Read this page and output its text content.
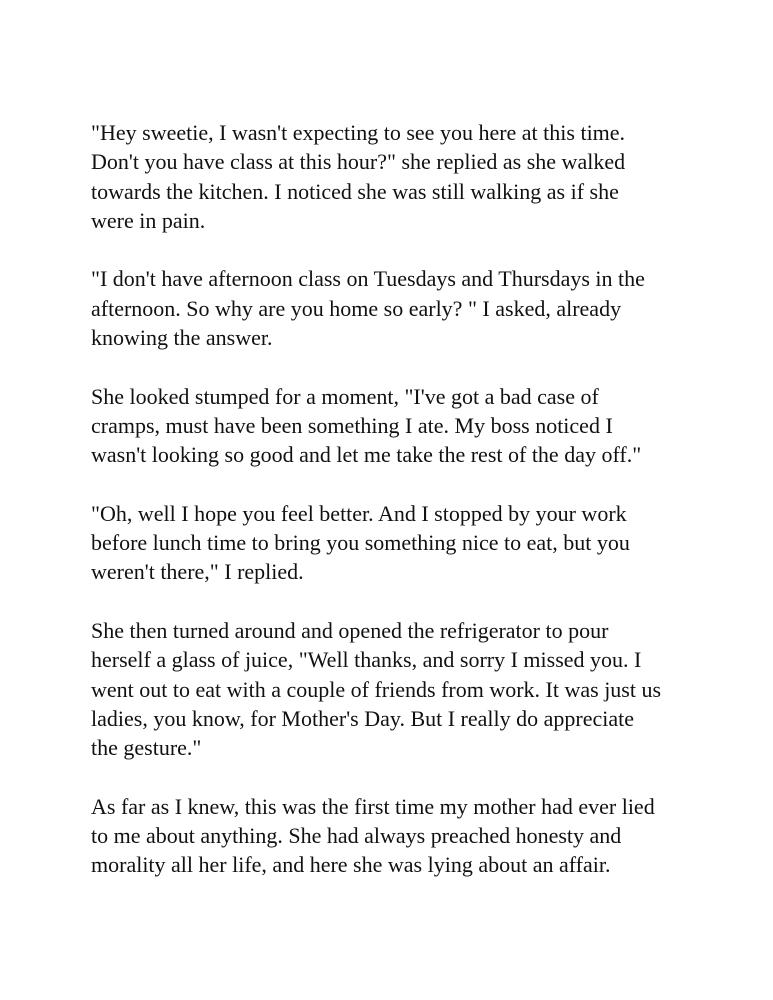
"Hey sweetie, I wasn't expecting to see you here at this time.
Don't you have class at this hour?" she replied as she walked
towards the kitchen. I noticed she was still walking as if she
were in pain.

"I don't have afternoon class on Tuesdays and Thursdays in the
afternoon. So why are you home so early? " I asked, already
knowing the answer.

She looked stumped for a moment, "I've got a bad case of
cramps, must have been something I ate. My boss noticed I
wasn't looking so good and let me take the rest of the day off."

"Oh, well I hope you feel better. And I stopped by your work
before lunch time to bring you something nice to eat, but you
weren't there," I replied.

She then turned around and opened the refrigerator to pour
herself a glass of juice, "Well thanks, and sorry I missed you. I
went out to eat with a couple of friends from work. It was just us
ladies, you know, for Mother's Day. But I really do appreciate
the gesture."

As far as I knew, this was the first time my mother had ever lied
to me about anything. She had always preached honesty and
morality all her life, and here she was lying about an affair.
